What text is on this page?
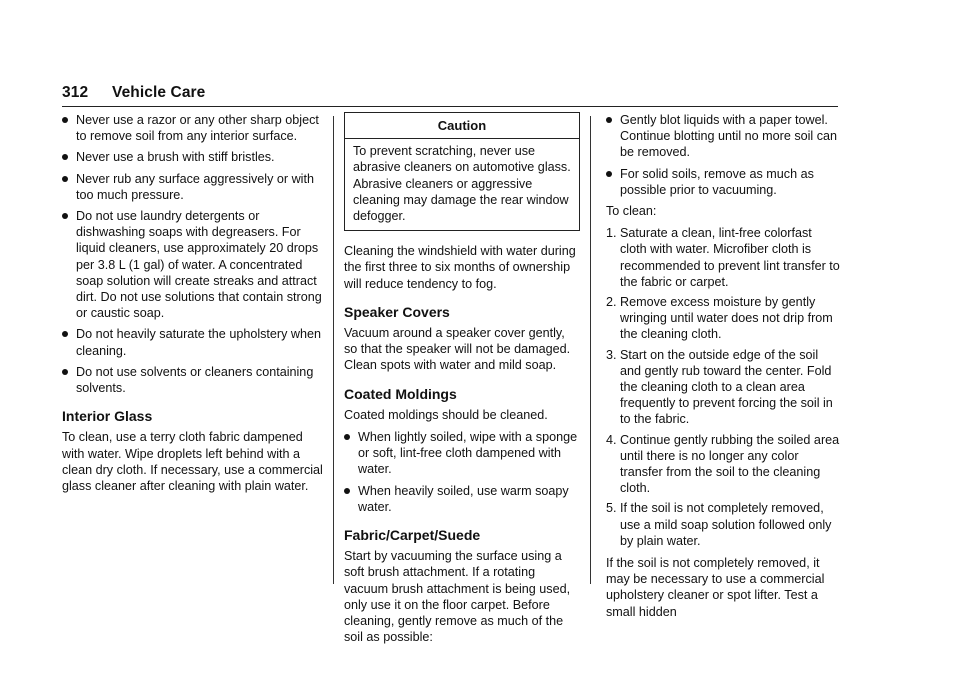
312 Vehicle Care
Never use a razor or any other sharp object to remove soil from any interior surface.
Never use a brush with stiff bristles.
Never rub any surface aggressively or with too much pressure.
Do not use laundry detergents or dishwashing soaps with degreasers. For liquid cleaners, use approximately 20 drops per 3.8 L (1 gal) of water. A concentrated soap solution will create streaks and attract dirt. Do not use solutions that contain strong or caustic soap.
Do not heavily saturate the upholstery when cleaning.
Do not use solvents or cleaners containing solvents.
Interior Glass

To clean, use a terry cloth fabric dampened with water. Wipe droplets left behind with a clean dry cloth. If necessary, use a commercial glass cleaner after cleaning with plain water.

Caution
To prevent scratching, never use abrasive cleaners on automotive glass. Abrasive cleaners or aggressive cleaning may damage the rear window defogger.

Cleaning the windshield with water during the first three to six months of ownership will reduce tendency to fog.

Speaker Covers

Vacuum around a speaker cover gently, so that the speaker will not be damaged. Clean spots with water and mild soap.

Coated Moldings

Coated moldings should be cleaned.

When lightly soiled, wipe with a sponge or soft, lint-free cloth dampened with water.
When heavily soiled, use warm soapy water.
Fabric/Carpet/Suede

Start by vacuuming the surface using a soft brush attachment. If a rotating vacuum brush attachment is being used, only use it on the floor carpet. Before cleaning, gently remove as much of the soil as possible:

Gently blot liquids with a paper towel. Continue blotting until no more soil can be removed.
For solid soils, remove as much as possible prior to vacuuming.

To clean:

1. Saturate a clean, lint-free colorfast cloth with water. Microfiber cloth is recommended to prevent lint transfer to the fabric or carpet.
2. Remove excess moisture by gently wringing until water does not drip from the cleaning cloth.
3. Start on the outside edge of the soil and gently rub toward the center. Fold the cleaning cloth to a clean area frequently to prevent forcing the soil in to the fabric.
4. Continue gently rubbing the soiled area until there is no longer any color transfer from the soil to the cleaning cloth.
5. If the soil is not completely removed, use a mild soap solution followed only by plain water.

If the soil is not completely removed, it may be necessary to use a commercial upholstery cleaner or spot lifter. Test a small hidden
